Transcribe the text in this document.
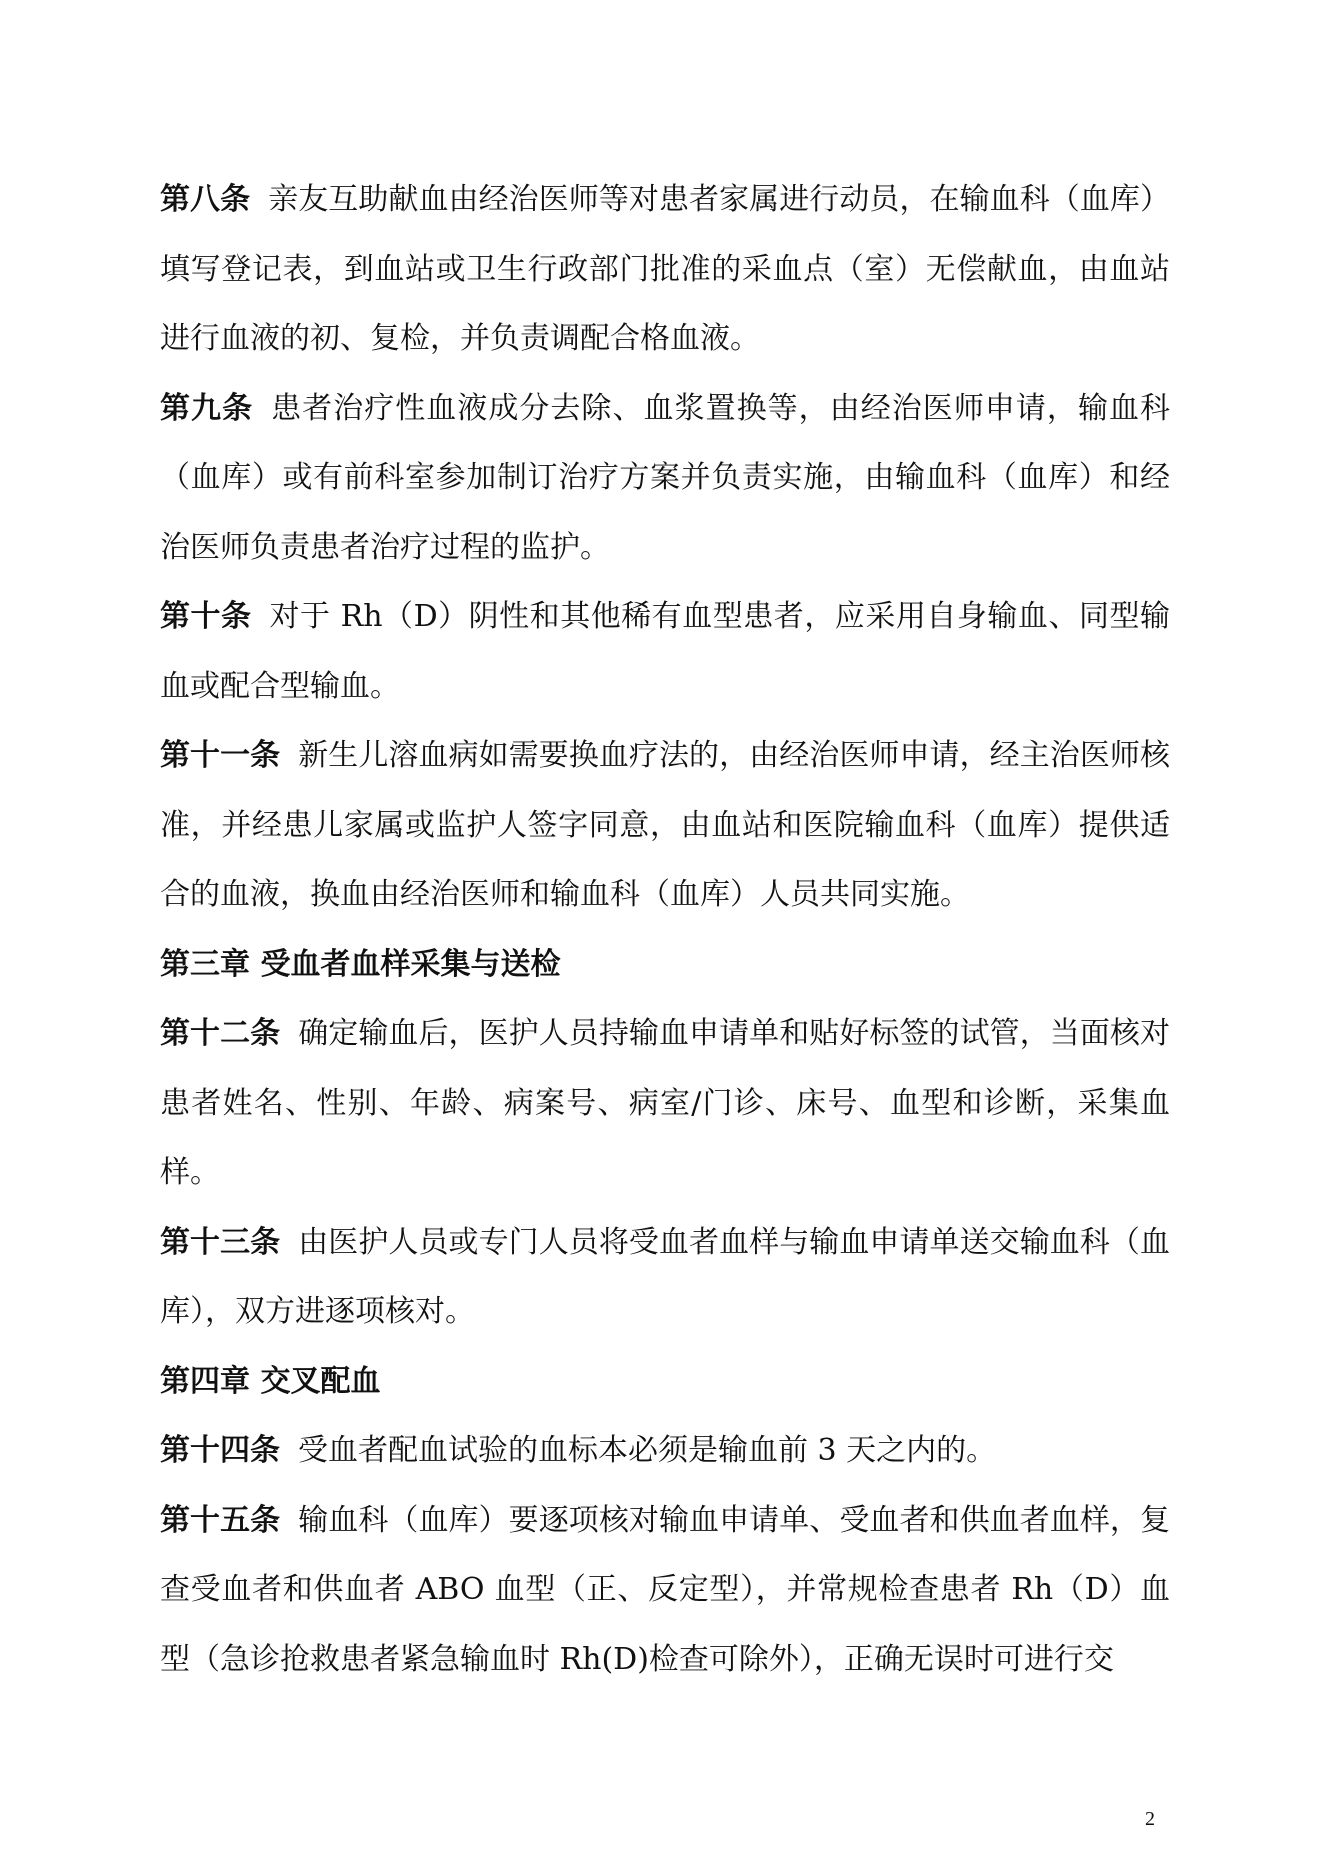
第八条 亲友互助献血由经治医师等对患者家属进行动员，在输血科（血库）填写登记表，到血站或卫生行政部门批准的采血点（室）无偿献血，由血站进行血液的初、复检，并负责调配合格血液。

第九条 患者治疗性血液成分去除、血浆置换等，由经治医师申请，输血科（血库）或有前科室参加制订治疗方案并负责实施，由输血科（血库）和经治医师负责患者治疗过程的监护。

第十条 对于 Rh（D）阴性和其他稀有血型患者，应采用自身输血、同型输血或配合型输血。

第十一条 新生儿溶血病如需要换血疗法的，由经治医师申请，经主治医师核准，并经患儿家属或监护人签字同意，由血站和医院输血科（血库）提供适合的血液，换血由经治医师和输血科（血库）人员共同实施。

第三章 受血者血样采集与送检

第十二条 确定输血后，医护人员持输血申请单和贴好标签的试管，当面核对患者姓名、性别、年龄、病案号、病室/门诊、床号、血型和诊断，采集血样。

第十三条 由医护人员或专门人员将受血者血样与输血申请单送交输血科（血库），双方进逐项核对。

第四章 交叉配血

第十四条 受血者配血试验的血标本必须是输血前 3 天之内的。

第十五条 输血科（血库）要逐项核对输血申请单、受血者和供血者血样，复查受血者和供血者 ABO 血型（正、反定型），并常规检查患者 Rh（D）血型（急诊抢救患者紧急输血时 Rh(D)检查可除外），正确无误时可进行交

2
